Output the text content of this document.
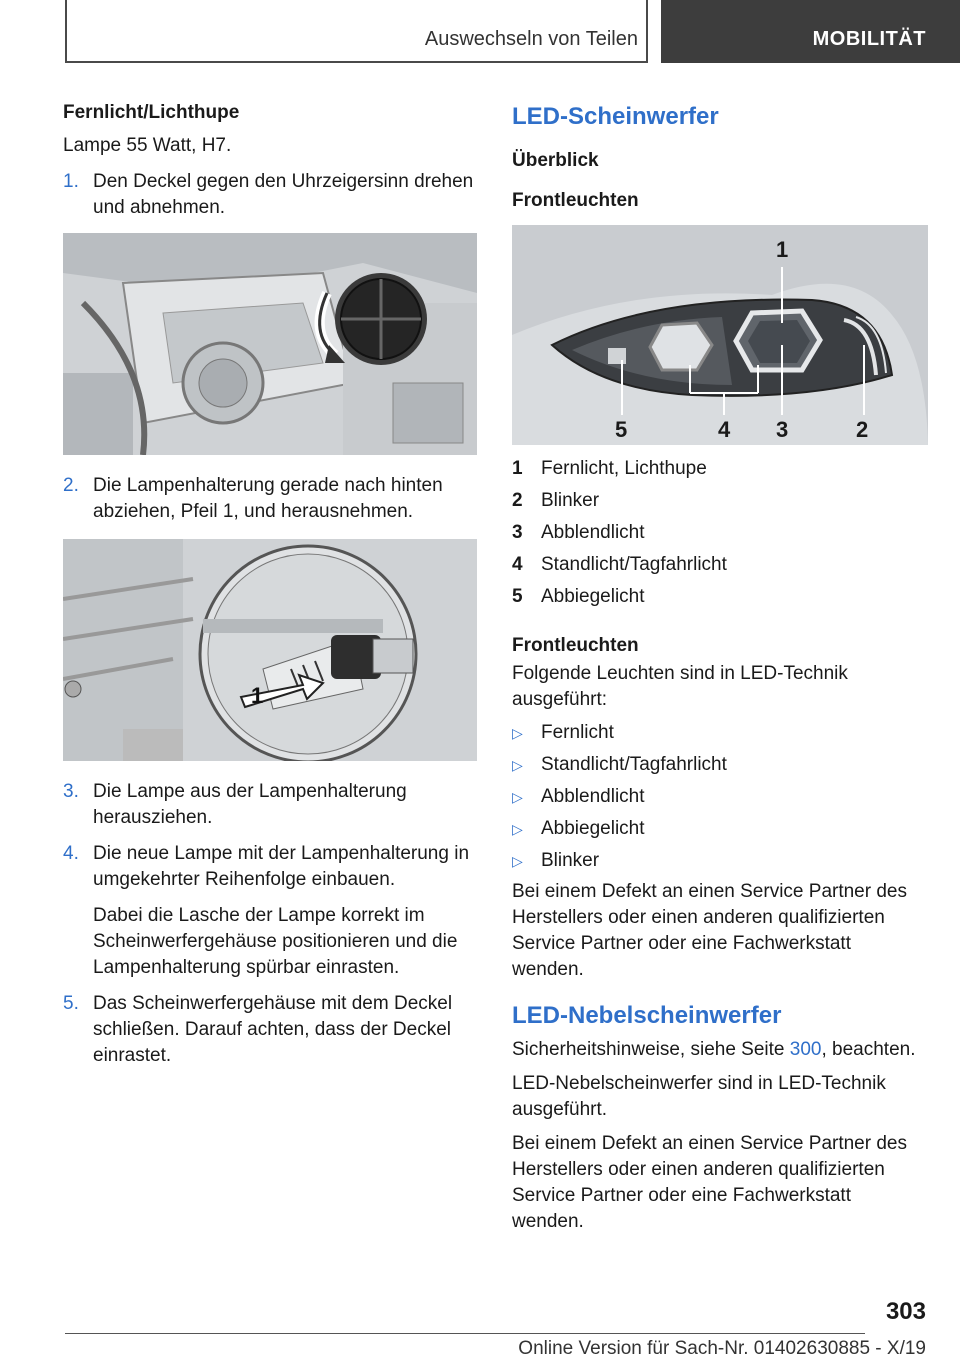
Auswechseln von Teilen	MOBILITÄT
Fernlicht/Lichthupe

Lampe 55 Watt, H7.

1. Den Deckel gegen den Uhrzeigersinn drehen und abnehmen.
2. Die Lampenhalterung gerade nach hinten abziehen, Pfeil 1, und herausnehmen.
1
3. Die Lampe aus der Lampenhalterung herausziehen.
4. Die neue Lampe mit der Lampenhalterung in umgekehrter Reihenfolge einbauen.
Dabei die Lasche der Lampe korrekt im Scheinwerfergehäuse positionieren und die Lampenhalterung spürbar einrasten.
5. Das Scheinwerfergehäuse mit dem Deckel schließen. Darauf achten, dass der Deckel einrastet.
LED-Scheinwerfer
Überblick
Frontleuchten
1
2
3
4
5
1 Fernlicht, Lichthupe
2 Blinker
3 Abblendlicht
4 Standlicht/Tagfahrlicht
5 Abbiegelicht
Frontleuchten

Folgende Leuchten sind in LED-Technik ausgeführt:

▷ Fernlicht
▷ Standlicht/Tagfahrlicht
▷ Abblendlicht
▷ Abbiegelicht
▷ Blinker

Bei einem Defekt an einen Service Partner des Herstellers oder einen anderen qualifizierten Service Partner oder eine Fachwerkstatt wenden.

LED-Nebelscheinwerfer

Sicherheitshinweise, siehe Seite 300, beachten.

LED-Nebelscheinwerfer sind in LED-Technik ausgeführt.

Bei einem Defekt an einen Service Partner des Herstellers oder einen anderen qualifizierten Service Partner oder eine Fachwerkstatt wenden.

303
Online Version für Sach-Nr. 01402630885 - X/19
